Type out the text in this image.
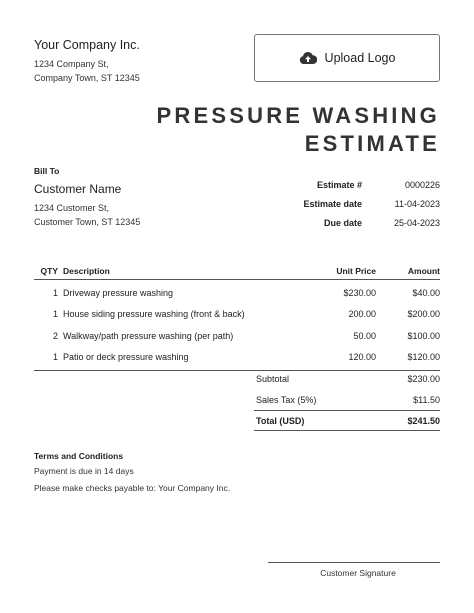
Your Company Inc.
1234 Company St,
Company Town, ST 12345
Upload Logo
PRESSURE WASHING
ESTIMATE
Bill To
Customer Name
1234 Customer St,
Customer Town, ST 12345
Estimate #	0000226
Estimate date	11-04-2023
Due date	25-04-2023
QTY Description	Unit Price	Amount
1 Driveway pressure washing	$230.00	$40.00
1 House siding pressure washing (front & back)	200.00	$200.00
2 Walkway/path pressure washing (per path)	50.00	$100.00
1 Patio or deck pressure washing	120.00	$120.00
Subtotal	$230.00
Sales Tax (5%)	$11.50
Total (USD)	$241.50
Terms and Conditions
Payment is due in 14 days
Please make checks payable to: Your Company Inc.
Customer Signature
